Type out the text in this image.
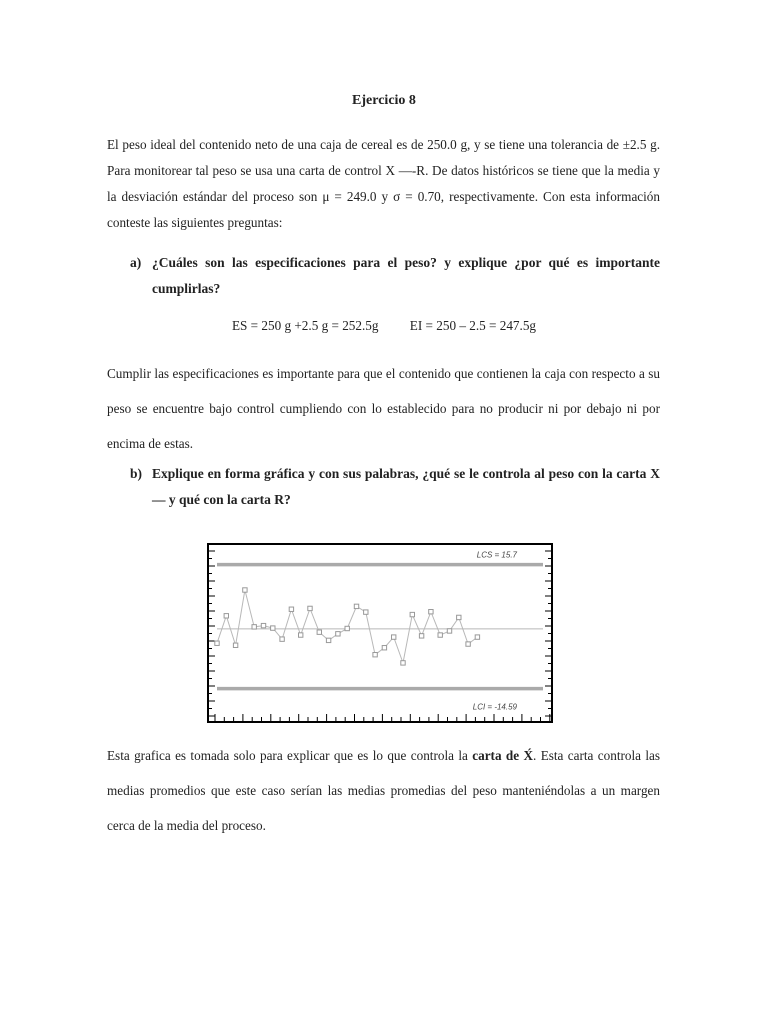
Ejercicio 8
El peso ideal del contenido neto de una caja de cereal es de 250.0 g, y se tiene una tolerancia de ±2.5 g. Para monitorear tal peso se usa una carta de control X —-R. De datos históricos se tiene que la media y la desviación estándar del proceso son μ = 249.0 y σ = 0.70, respectivamente. Con esta información conteste las siguientes preguntas:
a) ¿Cuáles son las especificaciones para el peso? y explique ¿por qué es importante cumplirlas?
ES = 250 g +2.5 g = 252.5g EI = 250 – 2.5 = 247.5g
Cumplir las especificaciones es importante para que el contenido que contienen la caja con respecto a su peso se encuentre bajo control cumpliendo con lo establecido para no producir ni por debajo ni por encima de estas.
b) Explique en forma gráfica y con sus palabras, ¿qué se le controla al peso con la carta X — y qué con la carta R?
LCS = 15.7
LCI = -14.59
Esta grafica es tomada solo para explicar que es lo que controla la carta de X́. Esta carta controla las medias promedios que este caso serían las medias promedias del peso manteniéndolas a un margen cerca de la media del proceso.
